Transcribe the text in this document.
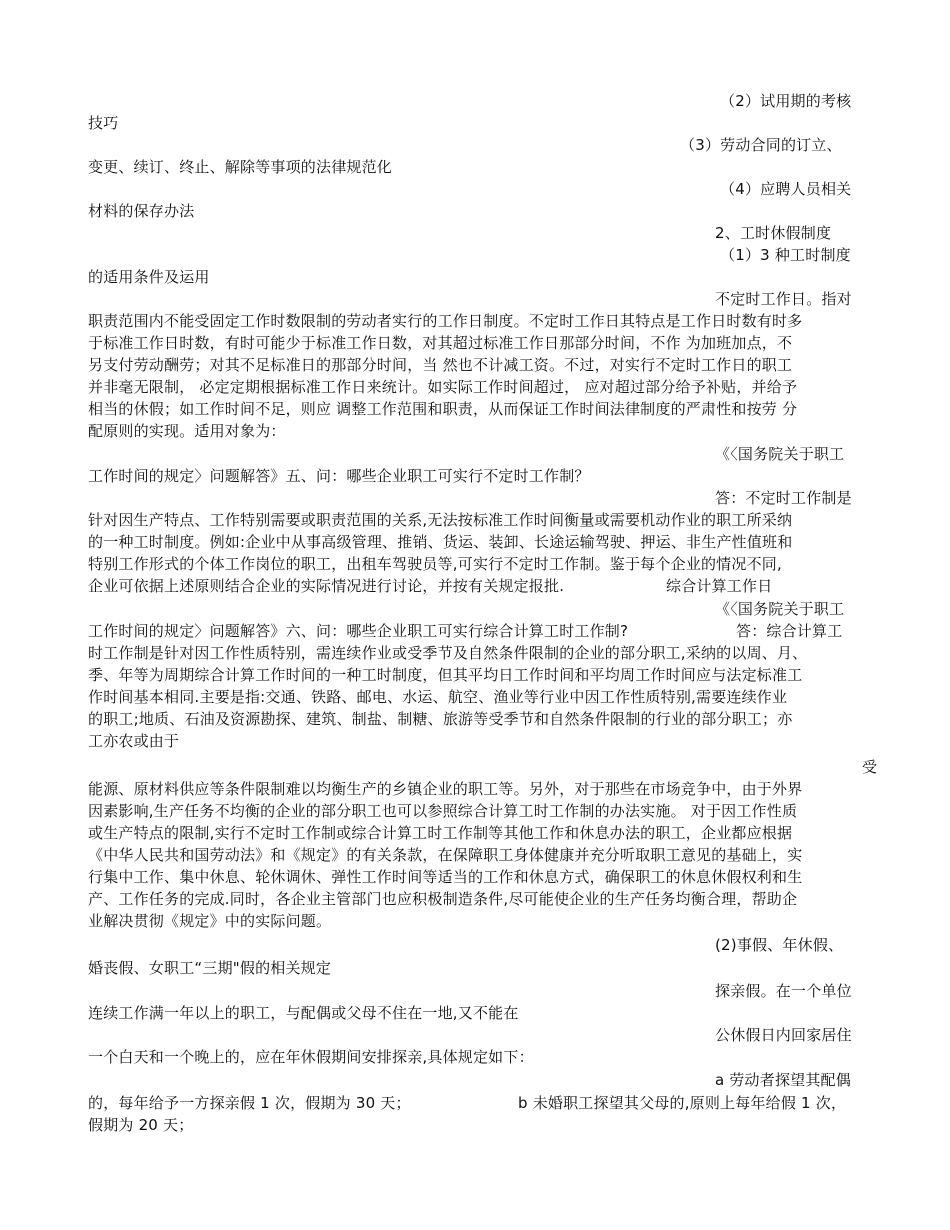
（2）试用期的考核
技巧
（3）劳动合同的订立、
变更、续订、终止、解除等事项的法律规范化
（4）应聘人员相关
材料的保存办法
2、工时休假制度
（1）3 种工时制度
的适用条件及运用
不定时工作日。指对
职责范围内不能受固定工作时数限制的劳动者实行的工作日制度。不定时工作日其特点是工作日时数有时多
于标准工作日时数，有时可能少于标准工作日数，对其超过标准工作日那部分时间，不作 为加班加点，不
另支付劳动酬劳；对其不足标准日的那部分时间，当 然也不计减工资。不过，对实行不定时工作日的职工
并非毫无限制， 必定定期根据标准工作日来统计。如实际工作时间超过， 应对超过部分给予补贴，并给予
相当的休假；如工作时间不足，则应 调整工作范围和职责，从而保证工作时间法律制度的严肃性和按劳 分
配原则的实现。适用对象为：
《〈国务院关于职工
工作时间的规定〉问题解答》五、问：哪些企业职工可实行不定时工作制？
答：不定时工作制是
针对因生产特点、工作特别需要或职责范围的关系,无法按标准工作时间衡量或需要机动作业的职工所采纳
的一种工时制度。例如:企业中从事高级管理、推销、货运、装卸、长途运输驾驶、押运、非生产性值班和
特别工作形式的个体工作岗位的职工，出租车驾驶员等,可实行不定时工作制。鉴于每个企业的情况不同,
企业可依据上述原则结合企业的实际情况进行讨论，并按有关规定报批.	综合计算工作日
《〈国务院关于职工
工作时间的规定〉问题解答》六、问：哪些企业职工可实行综合计算工时工作制?	答：综合计算工
时工作制是针对因工作性质特别，需连续作业或受季节及自然条件限制的企业的部分职工,采纳的以周、月、
季、年等为周期综合计算工作时间的一种工时制度，但其平均日工作时间和平均周工作时间应与法定标准工
作时间基本相同.主要是指:交通、铁路、邮电、水运、航空、渔业等行业中因工作性质特别,需要连续作业
的职工;地质、石油及资源勘探、建筑、制盐、制糖、旅游等受季节和自然条件限制的行业的部分职工；亦
工亦农或由于
受
能源、原材料供应等条件限制难以均衡生产的乡镇企业的职工等。另外，对于那些在市场竞争中，由于外界
因素影响,生产任务不均衡的企业的部分职工也可以参照综合计算工时工作制的办法实施。 对于因工作性质
或生产特点的限制,实行不定时工作制或综合计算工时工作制等其他工作和休息办法的职工，企业都应根据
《中华人民共和国劳动法》和《规定》的有关条款，在保障职工身体健康并充分听取职工意见的基础上，实
行集中工作、集中休息、轮休调休、弹性工作时间等适当的工作和休息方式，确保职工的休息休假权利和生
产、工作任务的完成.同时，各企业主管部门也应积极制造条件,尽可能使企业的生产任务均衡合理，帮助企
业解决贯彻《规定》中的实际问题。
(2)事假、年休假、
婚丧假、女职工“三期"假的相关规定
探亲假。在一个单位
连续工作满一年以上的职工，与配偶或父母不住在一地,又不能在
公休假日内回家居住
一个白天和一个晚上的，应在年休假期间安排探亲,具体规定如下：
a 劳动者探望其配偶
的，每年给予一方探亲假 1 次，假期为 30 天；	b 未婚职工探望其父母的,原则上每年给假 1 次，
假期为 20 天；
